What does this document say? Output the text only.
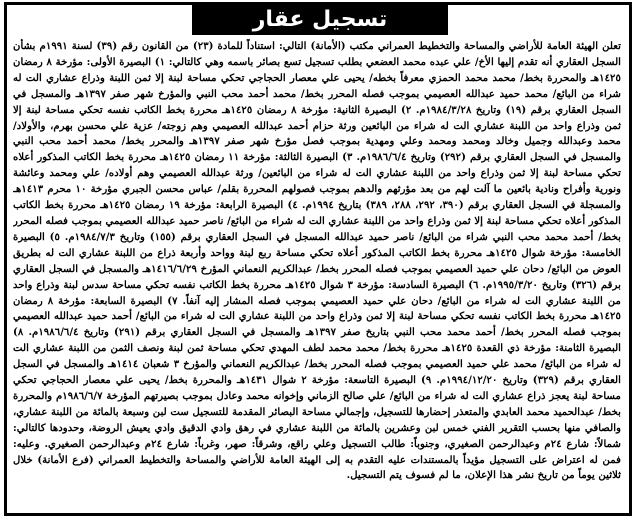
تسجيل عقار

تعلن الهيئة العامة للأراضي والمساحة والتخطيط العمراني مكتب (الأمانة) التالي: استناداً للمادة (٢٣) من القانون رقم (٣٩) لسنة ١٩٩١م بشأن السجل العقاري أنه تقدم إليها الأخ/ علي عبده محمد العضعي بطلب تسجيل تسع بصائر باسمه وهي كالتالي: ١) البصيرة الأولى: مؤرخة ٨ رمضان ١٤٢٥هـ والمحررة بخط/ محمد محمد الحمزي معرفاً بخطه/ يحيى علي معصار الحجاجي تحكي مساحة لبنة إلا ثمن اللبنة وذراع عشاري الت له شراء من البائع/ محمد حميد عبدالله العصيمي بموجب فصله المحرر بخط/ محمد أحمد محب النبي والمؤرخ شهر صفر ١٣٩٧هـ والمسجل في السجل العقاري برقم (١٩) وتاريخ ١٩٨٤/٣/٢٨م. ٢) البصيرة الثانية: مؤرخة ٨ رمضان ١٤٢٥هـ محررة بخط الكاتب نفسه تحكي مساحة لبنة إلا ثمن وذراع واحد من اللبنة عشاري الت له شراء من البائعين ورثة حزام أحمد عبدالله العصيمي وهم زوجته/ عزية علي محسن بهرم، والأولاد/ محمد وعبدالله وجميل وخالد ومحمد ومحمد وعلي ومهدية بموجب فصل مؤرخ شهر صفر ١٣٩٧هـ والمحرر بخط/ محمد أحمد محب النبي والمسجل في السجل العقاري برقم (٢٩٢) وتاريخ ١٩٨٦/٦/٤م. ٣) البصيرة الثالثة: مؤرخة ١١ رمضان ١٤٢٥هـ محررة بخط الكاتب المذكور أعلاه تحكي مساحة لبنة إلا ثمن وذراع واحد من اللبنة عشاري الت له شراء من البائعين/ ورثة عبدالله العصيمي وهم أولاده/ علي ومحمد وعائشة ونورية وأفراح ونادية بائعين ما آلت لهم من بعد مؤرثهم والدهم بموجب فصولهم المحررة بقلم/ عباس محسن الجبري مؤرخة ١٠ محرم ١٤١٣هـ والمسجلة في السجل العقاري برقم (٣٩٠، ٢٩٢، ٢٨٨، ٣٨٩) بتاريخ ١٩٩٤م. ٤) البصيرة الرابعة: مؤرخة ١٩ رمضان ١٤٢٥هـ محررة بخط الكاتب المذكور أعلاه تحكي مساحة لبنة إلا ثمن وذراع واحد من اللبنة عشاري الت له شراء من البائع/ ناصر حميد عبدالله العصيمي بموجب فصله المحرر بخط/ أحمد محمد محب النبي شراء من البائع/ ناصر حميد عبدالله المسجل في السجل العقاري برقم (١٥٥) وتاريخ ١٩٨٤/٧/٣م. ٥) البصيرة الخامسة: مؤرخة شوال ١٤٢٥هـ محررة بخط الكاتب المذكور أعلاه تحكي مساحة ربع لبنة وواحد وأربعة ذراع من اللبنة عشاري الت له بطريق العوض من البائع/ دحان علي حميد العصيمي بموجب فصله المحرر بخط/ عبدالكريم النعماني المؤرخ ١٤١٦/٦/٢٩هـ والمسجل في السجل العقاري برقم (٣٢٦) وتاريخ ١٩٩٥/٣/٢٠م. ٦) البصيرة السادسة: مؤرخة ٣ شوال ١٤٢٥هـ محررة بخط الكاتب نفسه تحكي مساحة سدس لبنة وذراع واحد من اللبنة عشاري الت له شراء من البائع/ دحان علي حميد العصيمي بموجب فصله المشار إليه آنفاً. ٧) البصيرة السابعة: مؤرخة ٨ رمضان ١٤٢٥هـ محررة بخط الكاتب نفسه تحكي مساحة لبنة إلا ثمن وذراع واحد من اللبنة عشاري الت له شراء من البائع/ أحمد حميد عبدالله العصيمي بموجب فصله المحرر بخط/ أحمد محمد محب النبي بتاريخ صفر ١٣٩٧هـ والمسجل في السجل العقاري برقم (٢٩١) وتاريخ ١٩٨٦/٦/٤م. ٨) البصيرة الثامنة: مؤرخة ذي القعدة ١٤٢٥هـ محررة بخط/ محمد محمد لطف المهدي تحكي مساحة ثمن لبنة ونصف الثمن من اللبنة عشاري الت له شراء من البائع/ محمد علي حميد العصيمي بموجب فصله المحرر بخط/ عبدالكريم النعماني والمؤرخ ٣ شعبان ١٤١٤هـ والمسجل في السجل العقاري برقم (٣٢٩) وتاريخ ١٩٩٤/١٢/٢٠م. ٩) البصيرة التاسعة: مؤرخة ٢ شوال ١٤٣١هـ والمحررة بخط/ يحيى علي معصار الحجاجي تحكي مساحة لبنة يعجز ذراع عشاري الت له شراء من البائع/ علي صالح الزماني وإخوانه محمد وعادل بموجب بصيرتهم المؤرخة ١٩٨٦/٦/٧م والمحررة بخط/ عبدالحميد محمد العابدي والمتعذر إحضارها للتسجيل، وإجمالي مساحة البصائر المقدمة للتسجيل ست لبن وسبعة بالمائة من اللبنة عشاري، والصافي منها بحسب التقرير الفني خمس لبن وعشرين بالمائة من اللبنة عشاري في رهق وادي الدقيق وادي يعيش الروضة، وحدودها كالتالي: شمالاً: شارع ٢٤م وعبدالرحمن الصغيري، وجنوباً: طالب التسجيل وعلي راقع، وشرقاً: صهر، وغرباً: شارع ٢٤م وعبدالرحمن الصغيري. وعليه: فمن له اعتراض على التسجيل مؤيداً بالمستندات عليه التقدم به إلى الهيئة العامة للأراضي والمساحة والتخطيط العمراني (فرع الأمانة) خلال ثلاثين يوماً من تاريخ نشر هذا الإعلان، ما لم فسوف يتم التسجيل.
